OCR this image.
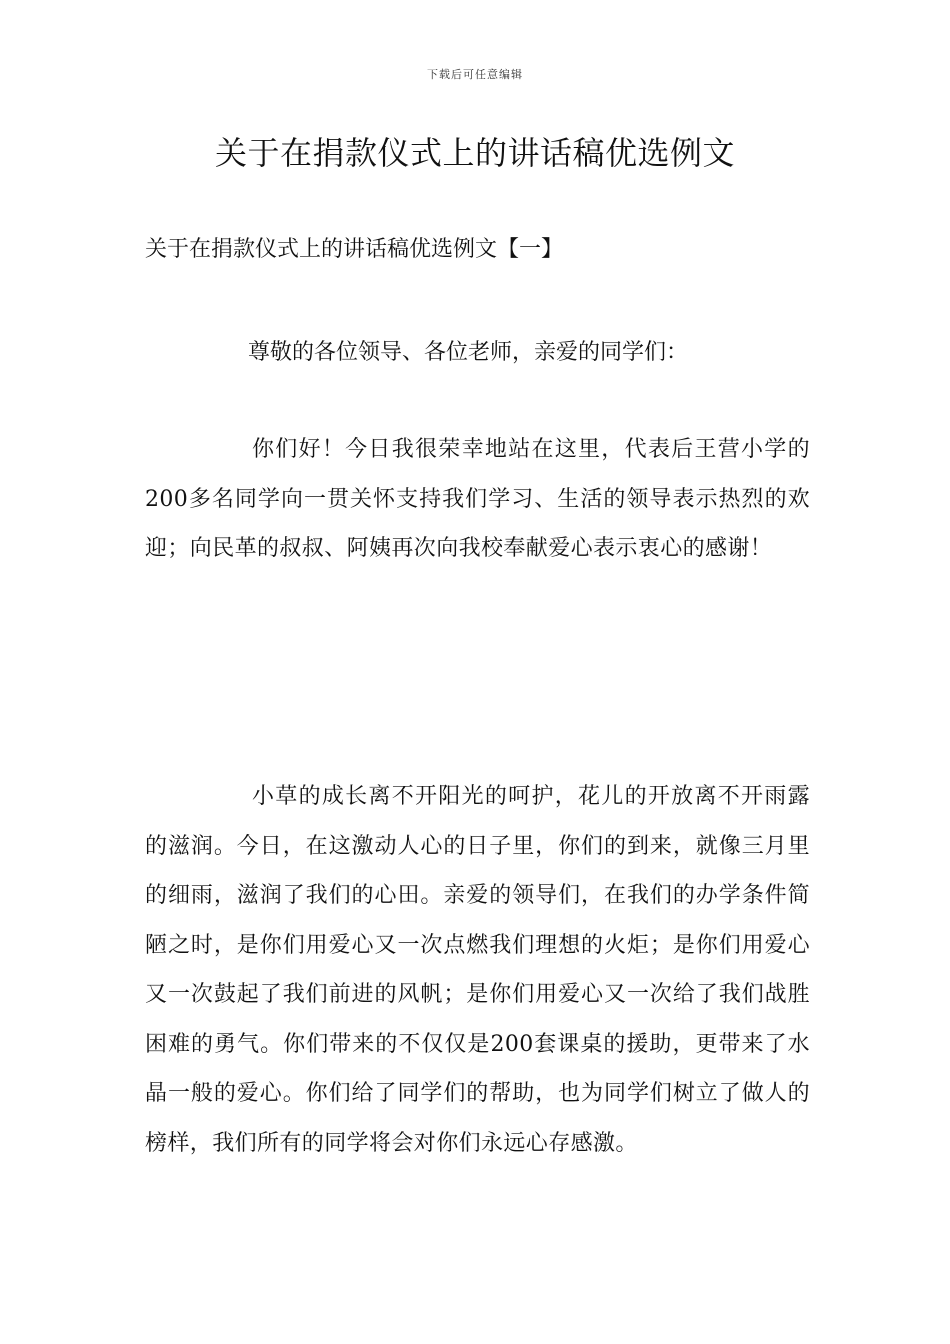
下载后可任意编辑
关于在捐款仪式上的讲话稿优选例文

关于在捐款仪式上的讲话稿优选例文【一】

尊敬的各位领导、各位老师，亲爱的同学们：

你们好！今日我很荣幸地站在这里，代表后王营小学的200多名同学向一贯关怀支持我们学习、生活的领导表示热烈的欢迎；向民革的叔叔、阿姨再次向我校奉献爱心表示衷心的感谢！

小草的成长离不开阳光的呵护，花儿的开放离不开雨露的滋润。今日，在这激动人心的日子里，你们的到来，就像三月里的细雨，滋润了我们的心田。亲爱的领导们，在我们的办学条件简陋之时，是你们用爱心又一次点燃我们理想的火炬；是你们用爱心又一次鼓起了我们前进的风帆；是你们用爱心又一次给了我们战胜困难的勇气。你们带来的不仅仅是200套课桌的援助，更带来了水晶一般的爱心。你们给了同学们的帮助，也为同学们树立了做人的榜样，我们所有的同学将会对你们永远心存感激。
